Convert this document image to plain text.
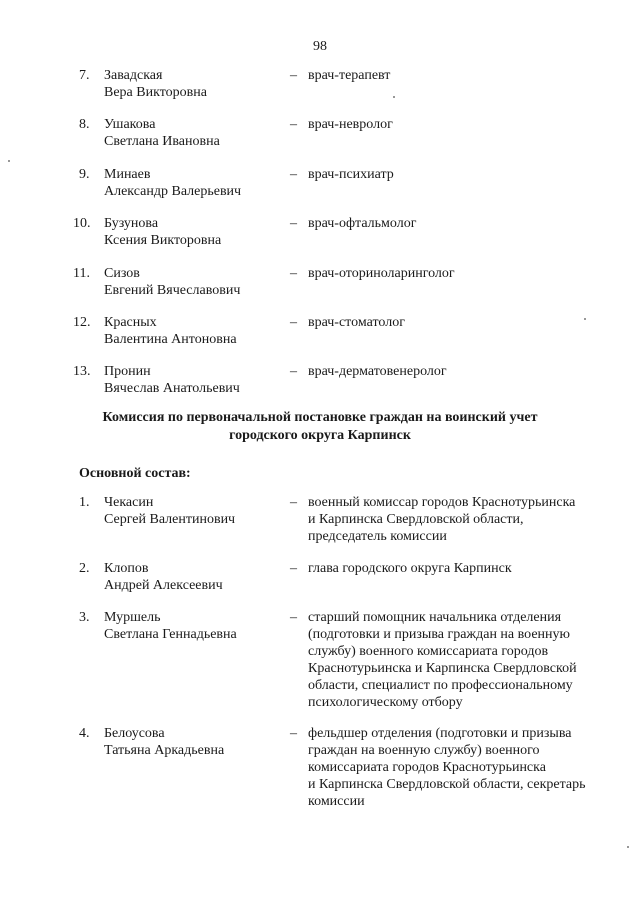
98
7.	Завадская
Вера Викторовна
– врач-терапевт
8.	Ушакова
Светлана Ивановна
– врач-невролог
9.	Минаев
Александр Валерьевич
– врач-психиатр
10. Бузунова
Ксения Викторовна
– врач-офтальмолог
11.	Сизов
Евгений Вячеславович
– врач-оториноларинголог
12. Красных
Валентина Антоновна
– врач-стоматолог
13. Пронин
Вячеслав Анатольевич
– врач-дерматовенеролог
Комиссия по первоначальной постановке граждан на воинский учет
городского округа Карпинск
Основной состав:
1.	Чекасин
Сергей Валентинович
– военный комиссар городов Краснотурьинска
и Карпинска Свердловской области,
председатель комиссии
2.	Клопов
Андрей Алексеевич
– глава городского округа Карпинск
3.	Муршель
Светлана Геннадьевна
– старший помощник начальника отделения
(подготовки и призыва граждан на военную
службу) военного комиссариата городов
Краснотурьинска и Карпинска Свердловской
области, специалист по профессиональному
психологическому отбору
4.	Белоусова
Татьяна Аркадьевна
– фельдшер отделения (подготовки и призыва
граждан на военную службу) военного
комиссариата городов Краснотурьинска
и Карпинска Свердловской области, секретарь
комиссии
